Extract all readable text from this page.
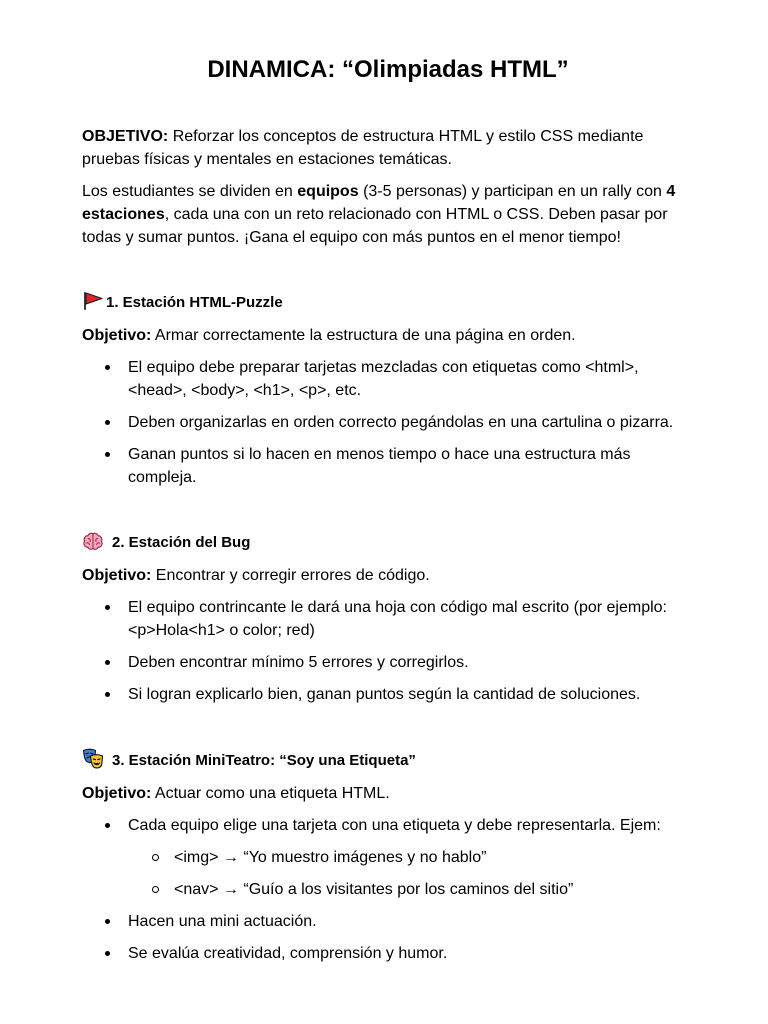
DINAMICA: “Olimpiadas HTML”

OBJETIVO: Reforzar los conceptos de estructura HTML y estilo CSS mediante pruebas físicas y mentales en estaciones temáticas.

Los estudiantes se dividen en equipos (3-5 personas) y participan en un rally con 4 estaciones, cada una con un reto relacionado con HTML o CSS. Deben pasar por todas y sumar puntos. ¡Gana el equipo con más puntos en el menor tiempo!

1. Estación HTML-Puzzle

Objetivo: Armar correctamente la estructura de una página en orden.

El equipo debe preparar tarjetas mezcladas con etiquetas como <html>, <head>, <body>, <h1>, <p>, etc.
Deben organizarlas en orden correcto pegándolas en una cartulina o pizarra.
Ganan puntos si lo hacen en menos tiempo o hace una estructura más compleja.
2. Estación del Bug

Objetivo: Encontrar y corregir errores de código.

El equipo contrincante le dará una hoja con código mal escrito (por ejemplo: <p>Hola<h1> o color; red)
Deben encontrar mínimo 5 errores y corregirlos.
Si logran explicarlo bien, ganan puntos según la cantidad de soluciones.
3. Estación MiniTeatro: “Soy una Etiqueta”

Objetivo: Actuar como una etiqueta HTML.

Cada equipo elige una tarjeta con una etiqueta y debe representarla. Ejem:
<img> → “Yo muestro imágenes y no hablo”
<nav> → “Guío a los visitantes por los caminos del sitio”
Hacen una mini actuación.
Se evalúa creatividad, comprensión y humor.
